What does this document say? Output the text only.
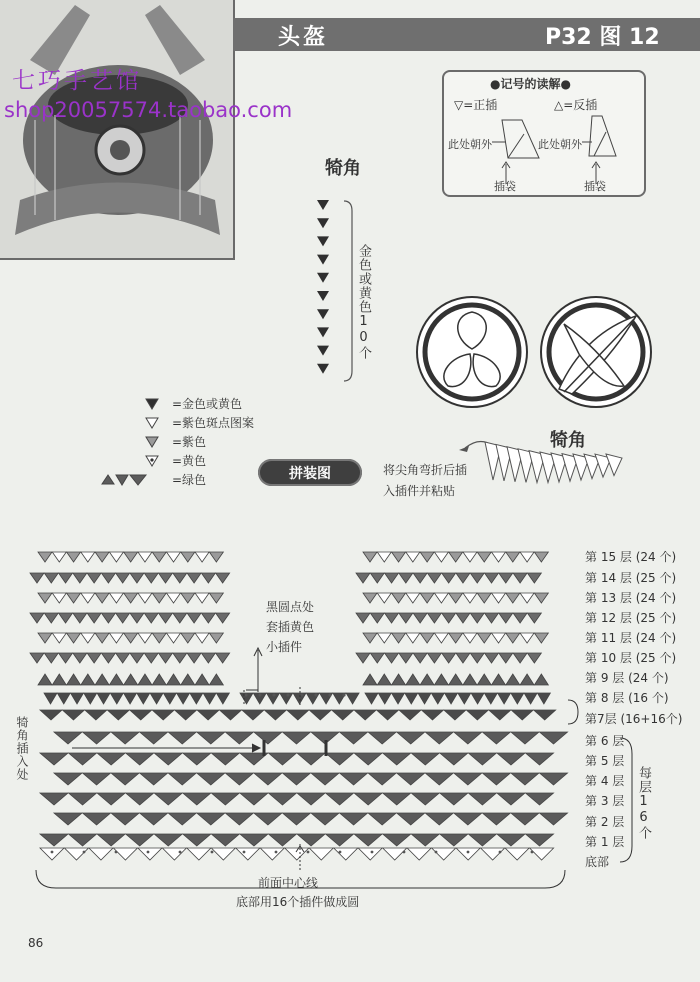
头盔	P32 图 12
七巧手艺馆
shop20057574.taobao.com
●记号的读解●
▽=正插	△=反插
此处朝外	此处朝外
插袋	插袋
犄角
金色或黄色10个
犄角
将尖角弯折后插
入插件并粘贴
=金色或黄色
=紫色斑点图案
=紫色
=黄色
=绿色	拼装图
黑圆点处
套插黄色
小插件
犄角插入处
前面中心线
底部用16个插件做成圆
每层16个
第 15 层 (24 个)
第 14 层 (25 个)
第 13 层 (24 个)
第 12 层 (25 个)
第 11 层 (24 个)
第 10 层 (25 个)
第 9 层 (24 个)
第 8 层 (16 个)
第7层 (16+16个)
第 6 层
第 5 层
第 4 层
第 3 层
第 2 层
第 1 层
底部
86
